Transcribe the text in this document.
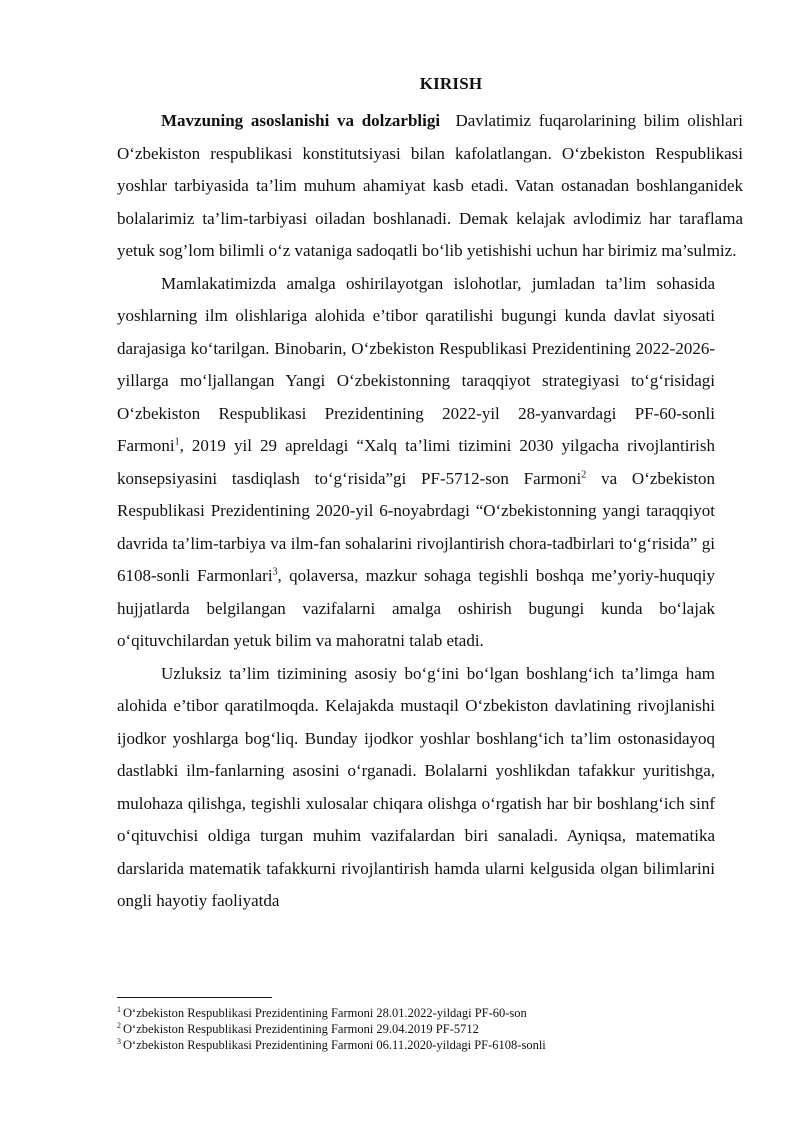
KIRISH

Mavzuning asoslanishi va dolzarbligi Davlatimiz fuqarolarining bilim olishlari O‘zbekiston respublikasi konstitutsiyasi bilan kafolatlangan. O‘zbekiston Respublikasi yoshlar tarbiyasida ta’lim muhum ahamiyat kasb etadi. Vatan ostanadan boshlanganidek bolalarimiz ta’lim-tarbiyasi oiladan boshlanadi. Demak kelajak avlodimiz har taraflama yetuk sog’lom bilimli o‘z vataniga sadoqatli bo‘lib yetishishi uchun har birimiz ma’sulmiz.

Mamlakatimizda amalga oshirilayotgan islohotlar, jumladan ta’lim sohasida yoshlarning ilm olishlariga alohida e’tibor qaratilishi bugungi kunda davlat siyosati darajasiga ko‘tarilgan. Binobarin, O‘zbekiston Respublikasi Prezidentining 2022-2026-yillarga mo‘ljallangan Yangi O‘zbekistonning taraqqiyot strategiyasi to‘g‘risidagi O‘zbekiston Respublikasi Prezidentining 2022-yil 28-yanvardagi PF-60-sonli Farmoni$^1$, 2019 yil 29 apreldagi “Xalq ta’limi tizimini 2030 yilgacha rivojlantirish konsepsiyasini tasdiqlash to‘g‘risida”gi PF-5712-son Farmoni$^2$ va O‘zbekiston Respublikasi Prezidentining 2020-yil 6-noyabrdagi “O‘zbekistonning yangi taraqqiyot davrida ta’lim-tarbiya va ilm-fan sohalarini rivojlantirish chora-tadbirlari to‘g‘risida” gi 6108-sonli Farmonlari$^3$, qolaversa, mazkur sohaga tegishli boshqa me’yoriy-huquqiy hujjatlarda belgilangan vazifalarni amalga oshirish bugungi kunda bo‘lajak o‘qituvchilardan yetuk bilim va mahoratni talab etadi.

Uzluksiz ta’lim tizimining asosiy bo‘g‘ini bo‘lgan boshlang‘ich ta’limga ham alohida e’tibor qaratilmoqda. Kelajakda mustaqil O‘zbekiston davlatining rivojlanishi ijodkor yoshlarga bog‘liq. Bunday ijodkor yoshlar boshlang‘ich ta’lim ostonasidayoq dastlabki ilm-fanlarning asosini o‘rganadi. Bolalarni yoshlikdan tafakkur yuritishga, mulohaza qilishga, tegishli xulosalar chiqara olishga o‘rgatish har bir boshlang‘ich sinf o‘qituvchisi oldiga turgan muhim vazifalardan biri sanaladi. Ayniqsa, matematika darslarida matematik tafakkurni rivojlantirish hamda ularni kelgusida olgan bilimlarini ongli hayotiy faoliyatda

$^1$ O‘zbekiston Respublikasi Prezidentining Farmoni 28.01.2022-yildagi PF-60-son
$^2$ O‘zbekiston Respublikasi Prezidentining Farmoni 29.04.2019 PF-5712
$^3$ O‘zbekiston Respublikasi Prezidentining Farmoni 06.11.2020-yildagi PF-6108-sonli
